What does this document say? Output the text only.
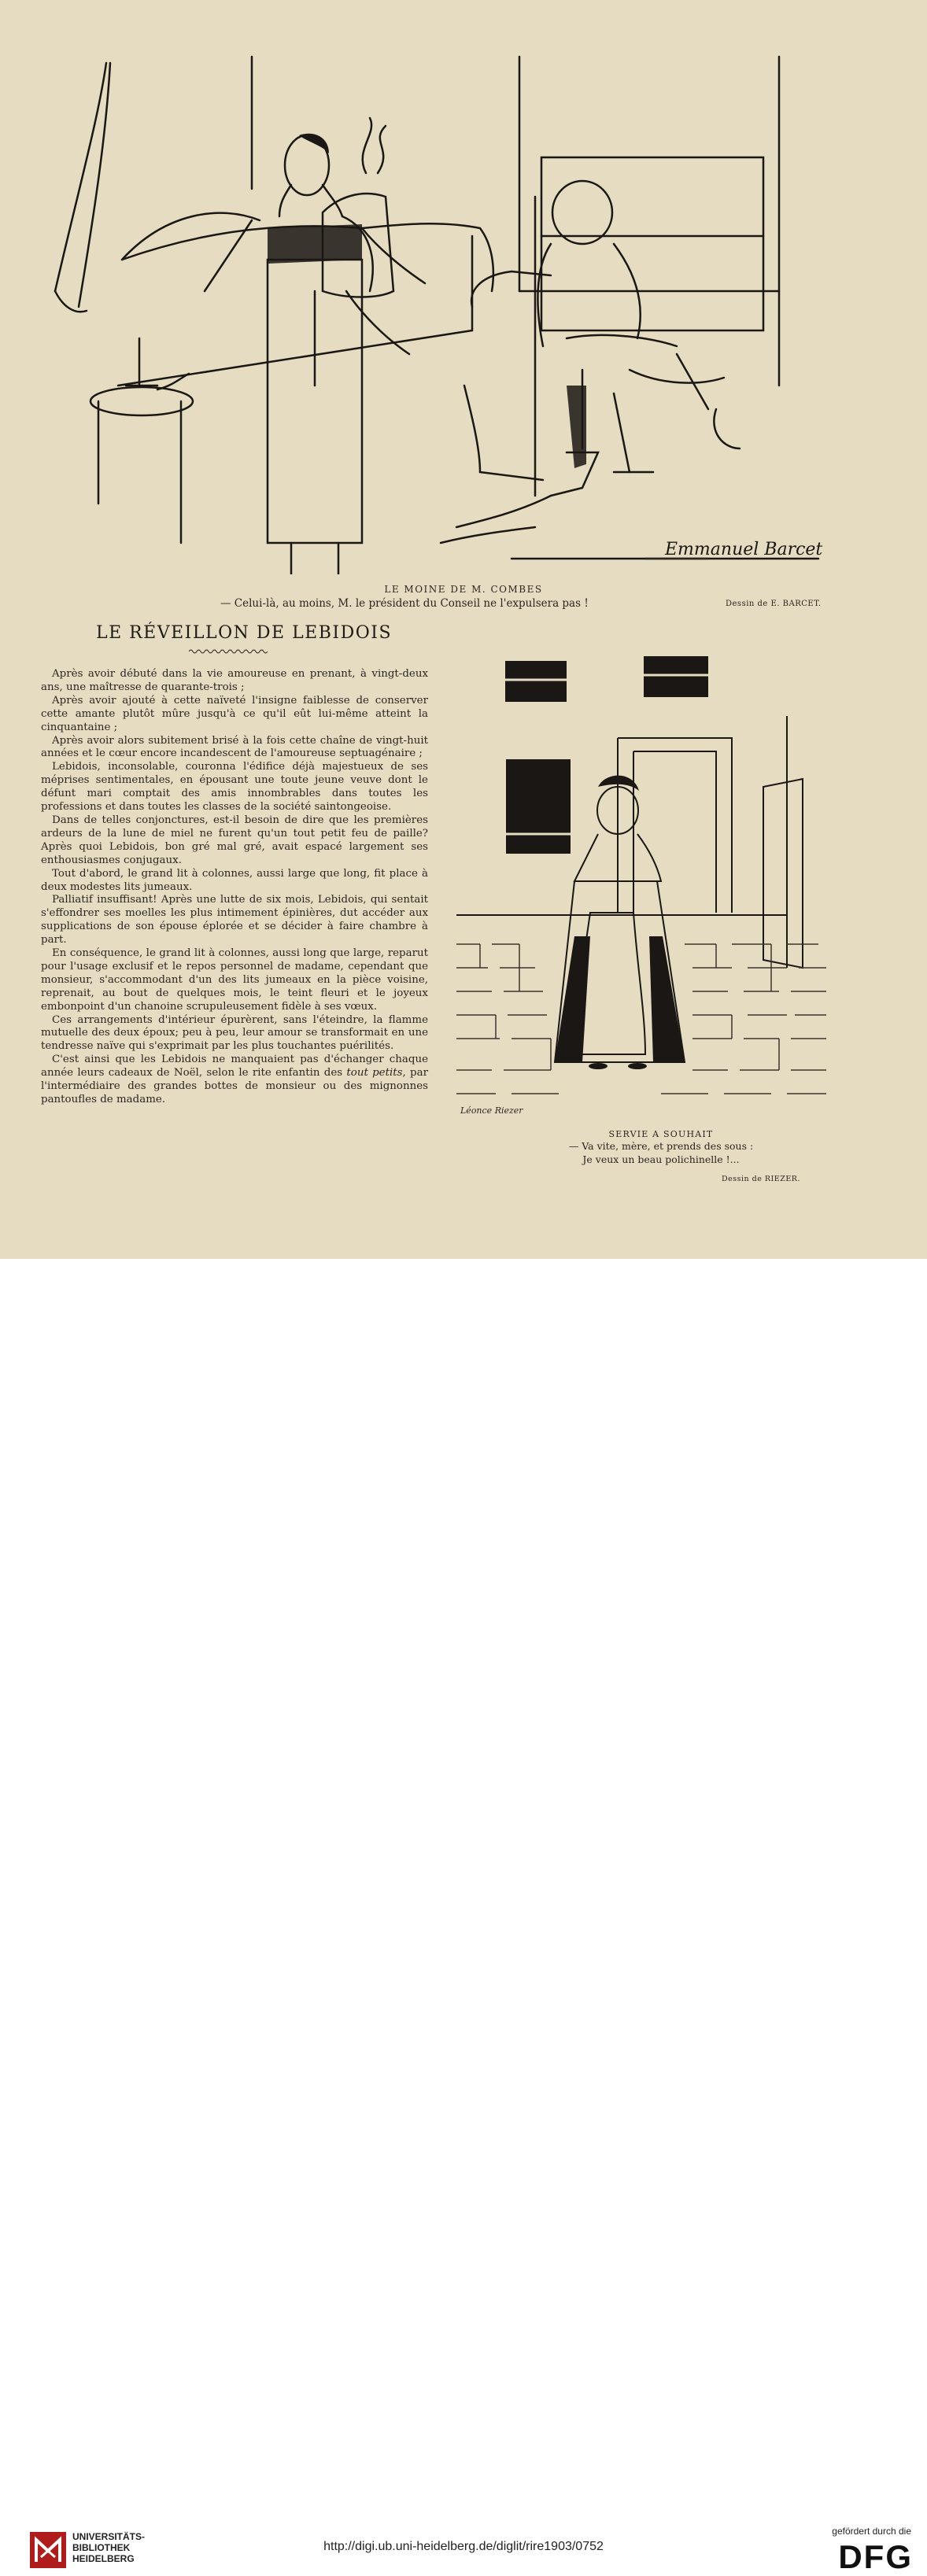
Emmanuel Barcet
LE MOINE DE M. COMBES
— Celui-là, au moins, M. le président du Conseil ne l'expulsera pas !	Dessin de E. BARCET.
LE RÉVEILLON DE LEBIDOIS

Après avoir débuté dans la vie amoureuse en prenant, à vingt-deux ans, une maîtresse de quarante-trois ;

Après avoir ajouté à cette naïveté l'insigne faiblesse de conserver cette amante plutôt mûre jusqu'à ce qu'il eût lui-même atteint la cinquantaine ;

Après avoir alors subitement brisé à la fois cette chaîne de vingt-huit années et le cœur encore incandescent de l'amoureuse septuagénaire ;

Lebidois, inconsolable, couronna l'édifice déjà majestueux de ses méprises sentimentales, en épousant une toute jeune veuve dont le défunt mari comptait des amis innombrables dans toutes les professions et dans toutes les classes de la société saintongeoise.

Dans de telles conjonctures, est-il besoin de dire que les premières ardeurs de la lune de miel ne furent qu'un tout petit feu de paille? Après quoi Lebidois, bon gré mal gré, avait espacé largement ses enthousiasmes conjugaux.

Tout d'abord, le grand lit à colonnes, aussi large que long, fit place à deux modestes lits jumeaux.

Palliatif insuffisant! Après une lutte de six mois, Lebidois, qui sentait s'effondrer ses moelles les plus intimement épinières, dut accéder aux supplications de son épouse éplorée et se décider à faire chambre à part.

En conséquence, le grand lit à colonnes, aussi long que large, reparut pour l'usage exclusif et le repos personnel de madame, cependant que monsieur, s'accommodant d'un des lits jumeaux en la pièce voisine, reprenait, au bout de quelques mois, le teint fleuri et le joyeux embonpoint d'un chanoine scrupuleusement fidèle à ses vœux.

Ces arrangements d'intérieur épurèrent, sans l'éteindre, la flamme mutuelle des deux époux; peu à peu, leur amour se transformait en une tendresse naïve qui s'exprimait par les plus touchantes puérilités.

C'est ainsi que les Lebidois ne manquaient pas d'échanger chaque année leurs cadeaux de Noël, selon le rite enfantin des tout petits, par l'intermédiaire des grandes bottes de monsieur ou des mignonnes pantoufles de madame.

Léonce Riezer
SERVIE A SOUHAIT
— Va vite, mère, et prends des sous :
Je veux un beau polichinelle !...
Dessin de RIEZER.
UNIVERSITÄTS-
BIBLIOTHEK
HEIDELBERG
http://digi.ub.uni-heidelberg.de/diglit/rire1903/0752
gefördert durch die
DFG
